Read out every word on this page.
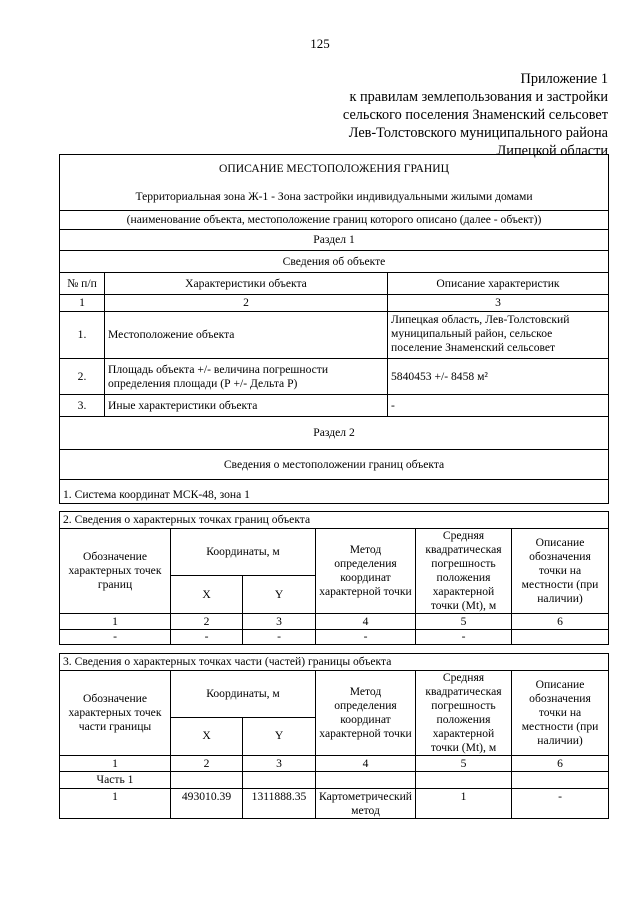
125
Приложение 1
к правилам землепользования и застройки
сельского поселения Знаменский сельсовет
Лев-Толстовского муниципального района
Липецкой области
ОПИСАНИЕ МЕСТОПОЛОЖЕНИЯ ГРАНИЦ
Территориальная зона Ж-1 - Зона застройки индивидуальными жилыми домами		

(наименование объекта, местоположение границ которого описано (далее - объект))		
Раздел 1		
Сведения об объекте		
№ п/п	Характеристики объекта	Описание характеристик
1	2	3
1.	Местоположение объекта	Липецкая область, Лев-Толстовский муниципальный район, сельское поселение Знаменский сельсовет
2.	Площадь объекта +/- величина погрешности определения площади (Р +/- Дельта Р)	5840453 +/- 8458 м²
3.	Иные характеристики объекта	-
Раздел 2		
Сведения о местоположении границ объекта		
1. Система координат МСК-48, зона 1		
2. Сведения о характерных точках границ объекта					
Обозначение характерных точек границ	Координаты, м		Метод определения координат характерной точки	Средняя квадратическая погрешность положения характерной точки (Mt), м	Описание обозначения точки на местности (при наличии)
	X	Y			
1	2	3	4	5	6
-	-	-	-	-	
3. Сведения о характерных точках части (частей) границы объекта					
Обозначение характерных точек части границы	Координаты, м		Метод определения координат характерной точки	Средняя квадратическая погрешность положения характерной точки (Mt), м	Описание обозначения точки на местности (при наличии)
	X	Y			
1	2	3	4	5	6
Часть 1					
1	493010.39	1311888.35	Картометрический метод	1	-
